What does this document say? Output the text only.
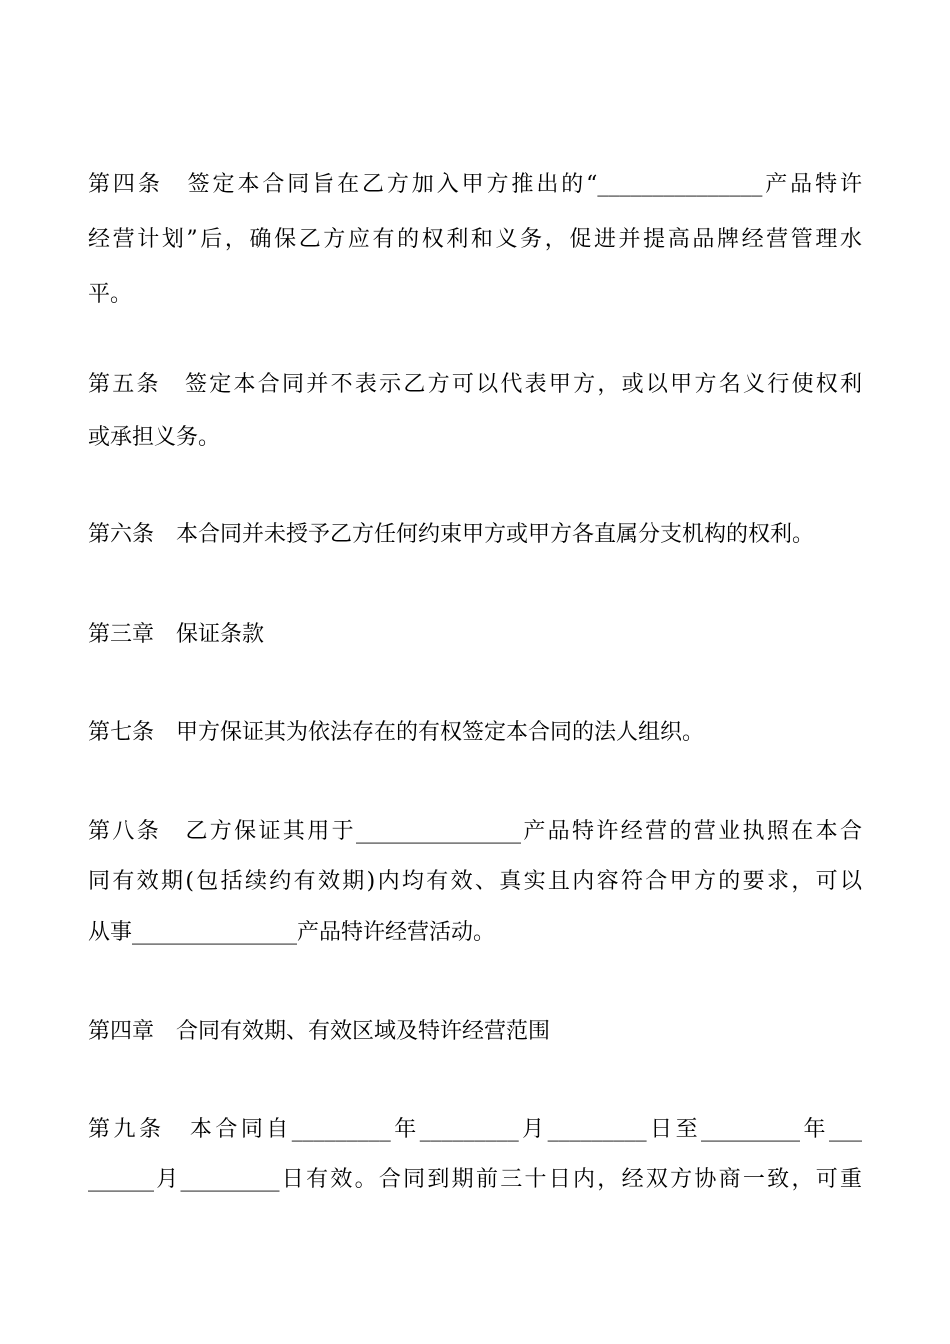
第四条　签定本合同旨在乙方加入甲方推出的“_______________产品特许
经营计划”后，确保乙方应有的权利和义务，促进并提高品牌经营管理水
平。
第五条　签定本合同并不表示乙方可以代表甲方，或以甲方名义行使权利
或承担义务。
第六条　本合同并未授予乙方任何约束甲方或甲方各直属分支机构的权利。
第三章　保证条款
第七条　甲方保证其为依法存在的有权签定本合同的法人组织。
第八条　乙方保证其用于_______________产品特许经营的营业执照在本合
同有效期(包括续约有效期)内均有效、真实且内容符合甲方的要求，可以
从事_______________产品特许经营活动。
第四章　合同有效期、有效区域及特许经营范围
第九条　本合同自_________年_________月_________日至_________年___
______月_________日有效。合同到期前三十日内，经双方协商一致，可重
